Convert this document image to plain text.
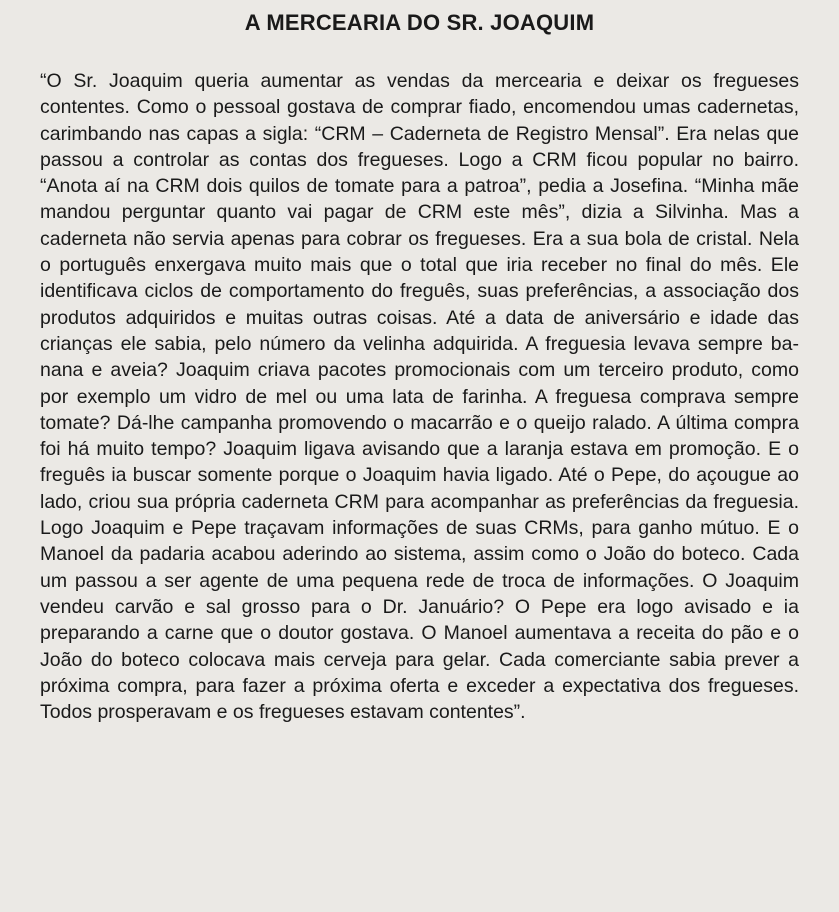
A MERCEARIA DO SR. JOAQUIM

“O Sr. Joaquim queria aumentar as vendas da mercearia e deixar os fregueses contentes. Como o pessoal gostava de comprar fiado, encomendou umas cadernetas, carimbando nas capas a sigla: “CRM – Caderneta de Registro Mensal”. Era nelas que passou a controlar as contas dos fregueses. Logo a CRM ficou popular no bairro. “Anota aí na CRM dois quilos de tomate para a patroa”, pedia a Josefina. “Minha mãe mandou perguntar quanto vai pagar de CRM este mês”, dizia a Silvinha. Mas a caderneta não servia apenas para cobrar os fregueses. Era a sua bola de cristal. Nela o português enxergava muito mais que o total que iria receber no final do mês. Ele identificava ciclos de comportamento do freguês, suas preferências, a associação dos produtos adquiridos e muitas outras coisas. Até a data de aniversário e idade das crianças ele sabia, pelo número da velinha adquirida. A freguesia levava sempre banana e aveia? Joaquim criava pacotes promocionais com um terceiro produto, como por exemplo um vidro de mel ou uma lata de farinha. A freguesa comprava sempre tomate? Dá-lhe campanha promovendo o macarrão e o queijo ralado. A última compra foi há muito tempo? Joaquim ligava avisando que a laranja estava em promoção. E o freguês ia buscar somente porque o Joaquim havia ligado. Até o Pepe, do açougue ao lado, criou sua própria caderneta CRM para acompanhar as preferências da freguesia. Logo Joaquim e Pepe traçavam informações de suas CRMs, para ganho mútuo. E o Manoel da padaria acabou aderindo ao sistema, assim como o João do boteco. Cada um passou a ser agente de uma pequena rede de troca de informações. O Joaquim vendeu carvão e sal grosso para o Dr. Januário? O Pepe era logo avisado e ia preparando a carne que o doutor gostava. O Manoel aumentava a receita do pão e o João do boteco colocava mais cerveja para gelar. Cada comerciante sabia prever a próxima compra, para fazer a próxima oferta e exceder a expectativa dos fregueses. Todos prosperavam e os fregueses estavam contentes”.
